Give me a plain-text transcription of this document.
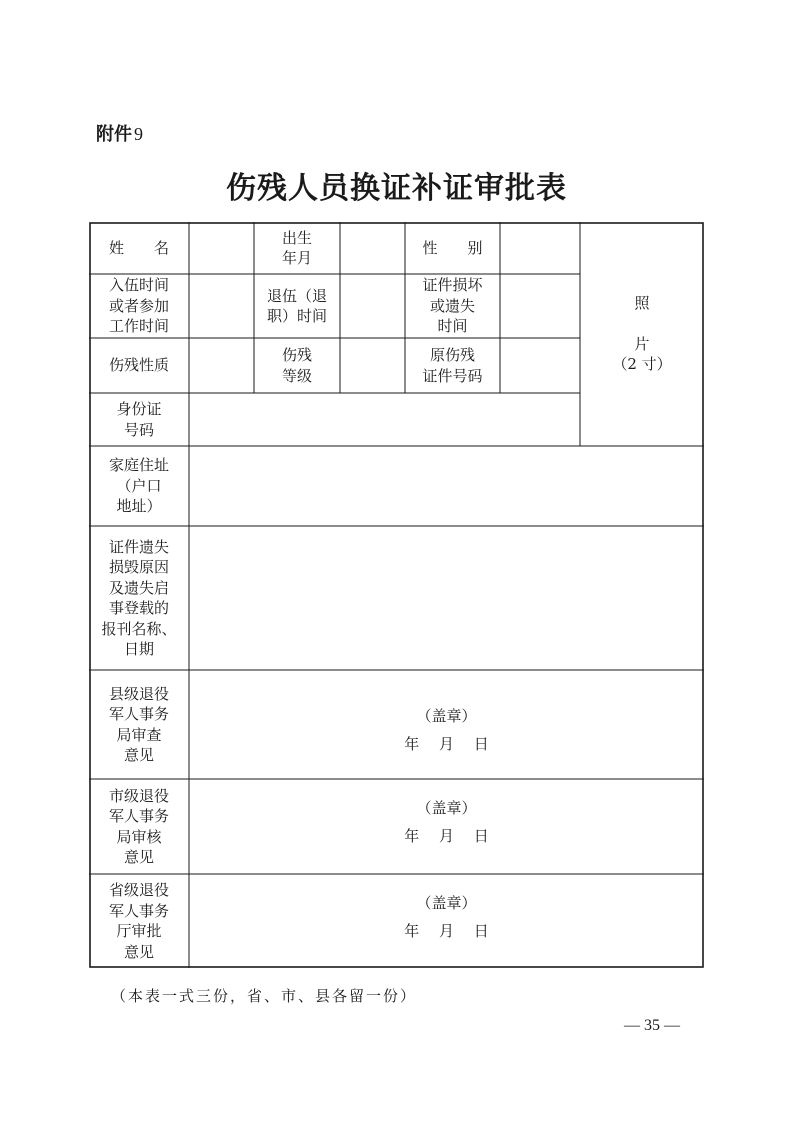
附件 9
伤残人员换证补证审批表
姓　　名
出生
年月
性　　别
照
片
（2 寸）
入伍时间
或者参加
工作时间
退伍（退
职）时间
证件损坏
或遗失
时间
伤残性质
伤残
等级
原伤残
证件号码
身份证
号码
家庭住址
（户口
地址）
证件遗失
损毁原因
及遗失启
事登载的
报刊名称、
日期
县级退役
军人事务
局审查
意见
（盖章）
年　 月　 日
市级退役
军人事务
局审核
意见
（盖章）
年　 月　 日
省级退役
军人事务
厅审批
意见
（盖章）
年　 月　 日
（本表一式三份，省、市、县各留一份）
— 35 —
